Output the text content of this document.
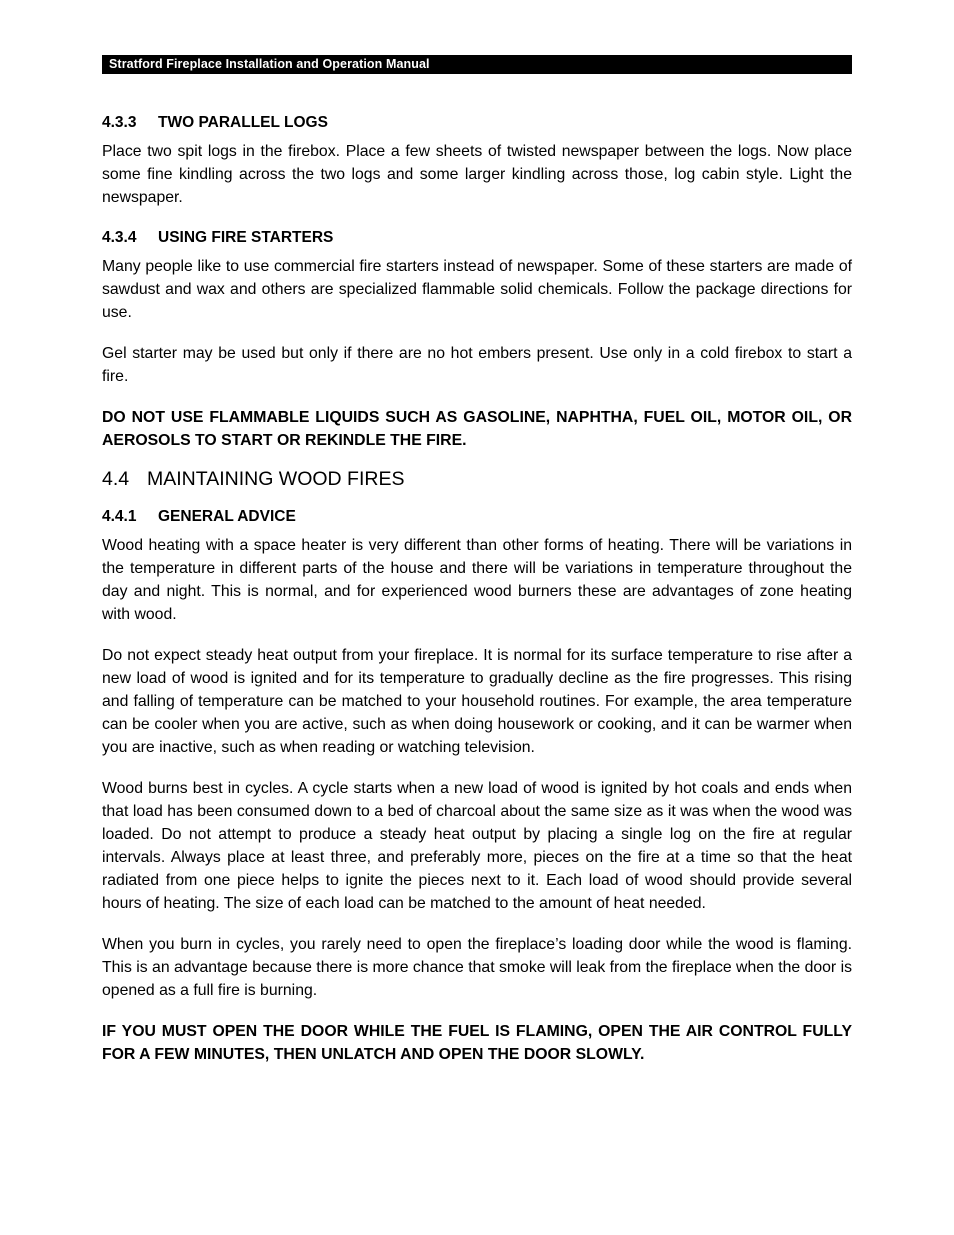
Stratford Fireplace Installation and Operation Manual
4.3.3 TWO PARALLEL LOGS

Place two spit logs in the firebox. Place a few sheets of twisted newspaper between the logs. Now place some fine kindling across the two logs and some larger kindling across those, log cabin style. Light the newspaper.

4.3.4 USING FIRE STARTERS

Many people like to use commercial fire starters instead of newspaper. Some of these starters are made of sawdust and wax and others are specialized flammable solid chemicals. Follow the package directions for use.

Gel starter may be used but only if there are no hot embers present. Use only in a cold firebox to start a fire.

DO NOT USE FLAMMABLE LIQUIDS SUCH AS GASOLINE, NAPHTHA, FUEL OIL, MOTOR OIL, OR AEROSOLS TO START OR REKINDLE THE FIRE.

4.4 MAINTAINING WOOD FIRES
4.4.1 GENERAL ADVICE

Wood heating with a space heater is very different than other forms of heating. There will be variations in the temperature in different parts of the house and there will be variations in temperature throughout the day and night. This is normal, and for experienced wood burners these are advantages of zone heating with wood.

Do not expect steady heat output from your fireplace. It is normal for its surface temperature to rise after a new load of wood is ignited and for its temperature to gradually decline as the fire progresses. This rising and falling of temperature can be matched to your household routines. For example, the area temperature can be cooler when you are active, such as when doing housework or cooking, and it can be warmer when you are inactive, such as when reading or watching television.

Wood burns best in cycles. A cycle starts when a new load of wood is ignited by hot coals and ends when that load has been consumed down to a bed of charcoal about the same size as it was when the wood was loaded. Do not attempt to produce a steady heat output by placing a single log on the fire at regular intervals. Always place at least three, and preferably more, pieces on the fire at a time so that the heat radiated from one piece helps to ignite the pieces next to it. Each load of wood should provide several hours of heating. The size of each load can be matched to the amount of heat needed.

When you burn in cycles, you rarely need to open the fireplace’s loading door while the wood is flaming. This is an advantage because there is more chance that smoke will leak from the fireplace when the door is opened as a full fire is burning.

IF YOU MUST OPEN THE DOOR WHILE THE FUEL IS FLAMING, OPEN THE AIR CONTROL FULLY FOR A FEW MINUTES, THEN UNLATCH AND OPEN THE DOOR SLOWLY.
